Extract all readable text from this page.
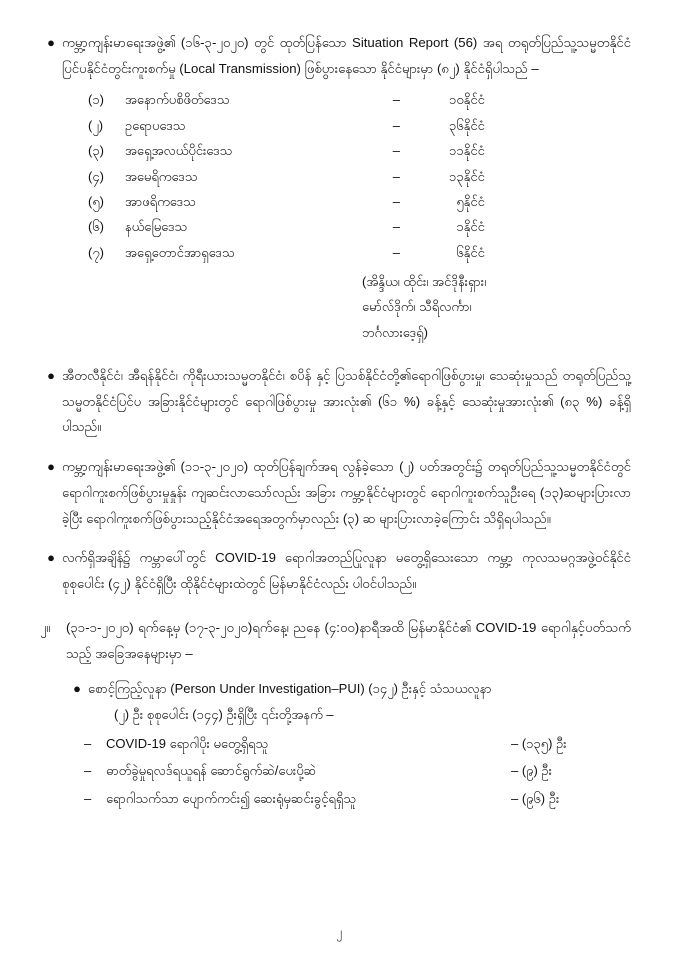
● ကမ္ဘာ့ကျန်းမာရေးအဖွဲ့၏ (၁၆-၃-၂၀၂၀) တွင် ထုတ်ပြန်သော Situation Report (56) အရ တရုတ်ပြည်သူ့သမ္မတနိုင်ငံ ပြင်ပနိုင်ငံတွင်းကူးစက်မှု (Local Transmission) ဖြစ်ပွားနေသော နိုင်ငံများမှာ (၈၂) နိုင်ငံရှိပါသည် –

(၁)	အနောက်ပစိဖိတ်ဒေသ	–	၁၀	နိုင်ငံ
(၂)	ဥရောပဒေသ	–	၃၆	နိုင်ငံ
(၃)	အရှေ့အလယ်ပိုင်းဒေသ	–	၁၁	နိုင်ငံ
(၄)	အမေရိကဒေသ	–	၁၃	နိုင်ငံ
(၅)	အာဖရိကဒေသ	–	၅	နိုင်ငံ
(၆)	နယ်မြေဒေသ	–	၁	နိုင်ငံ
(၇)	အရှေ့တောင်အာရှဒေသ	–	၆	နိုင်ငံ
(အိန္ဒိယ၊ ထိုင်း၊ အင်ဒိုနီးရှား၊
မော်လ်ဒိုက်၊ သီရိလင်္ကာ၊
ဘင်္ဂလားဒေ့ရှ်)
● အီတလီနိုင်ငံ၊ အီရန်နိုင်ငံ၊ ကိုရီးယားသမ္မတနိုင်ငံ၊ စပိန် နှင့် ပြသစ်နိုင်ငံတို့၏ရောဂါဖြစ်ပွားမှု၊ သေဆုံးမှုသည် တရုတ်ပြည်သူ့သမ္မတနိုင်ငံပြင်ပ အခြားနိုင်ငံများတွင် ရောဂါဖြစ်ပွားမှု အားလုံး၏ (၆၁ %) ခန့်နှင့် သေဆုံးမှုအားလုံး၏ (၈၃ %) ခန့်ရှိပါသည်။

● ကမ္ဘာ့ကျန်းမာရေးအဖွဲ့၏ (၁၁-၃-၂၀၂၀) ထုတ်ပြန်ချက်အရ လွန်ခဲ့သော (၂) ပတ်အတွင်း၌ တရုတ်ပြည်သူ့သမ္မတနိုင်ငံတွင် ရောဂါကူးစက်ဖြစ်ပွားမှုနှုန်း ကျဆင်းလာသော်လည်း အခြား ကမ္ဘာ့နိုင်ငံများတွင် ရောဂါကူးစက်သူဦးရေ (၁၃)ဆများပြားလာခဲ့ပြီး ရောဂါကူးစက်ဖြစ်ပွားသည့်နိုင်ငံအရေအတွက်မှာလည်း (၃) ဆ များပြားလာခဲ့ကြောင်း သိရှိရပါသည်။

● လက်ရှိအချိန်၌ ကမ္ဘာပေါ်တွင် COVID-19 ရောဂါအတည်ပြုလူနာ မတွေ့ရှိသေးသော ကမ္ဘာ့ ကုလသမဂ္ဂအဖွဲ့ဝင်နိုင်ငံ စုစုပေါင်း (၄၂) နိုင်ငံရှိပြီး ထိုနိုင်ငံများထဲတွင် မြန်မာနိုင်ငံလည်း ပါဝင်ပါသည်။

၂။	(၃၁-၁-၂၀၂၀) ရက်နေ့မှ (၁၇-၃-၂၀၂၀)ရက်နေ့၊ ညနေ (၄:၀၀)နာရီအထိ မြန်မာနိုင်ငံ၏ COVID-19 ရောဂါနှင့်ပတ်သက်သည့် အခြေအနေများမှာ –

● စောင့်ကြည့်လူနာ (Person Under Investigation–PUI) (၁၄၂) ဦးနှင့် သံသယလူနာ

(၂) ဦး စုစုပေါင်း (၁၄၄) ဦးရှိပြီး ၎င်းတို့အနက် –

–	COVID-19 ရောဂါပိုး မတွေ့ရှိရသူ	– (၁၃၅) ဦး
–	ဓာတ်ခွဲမှုရလဒ်ရယူရန် ဆောင်ရွက်ဆဲ/ပေးပို့ဆဲ	– (၉) ဦး
–	ရောဂါသက်သာ ပျောက်ကင်း၍ ဆေးရုံမှဆင်းခွင့်ရရှိသူ	– (၉၆) ဦး
၂
